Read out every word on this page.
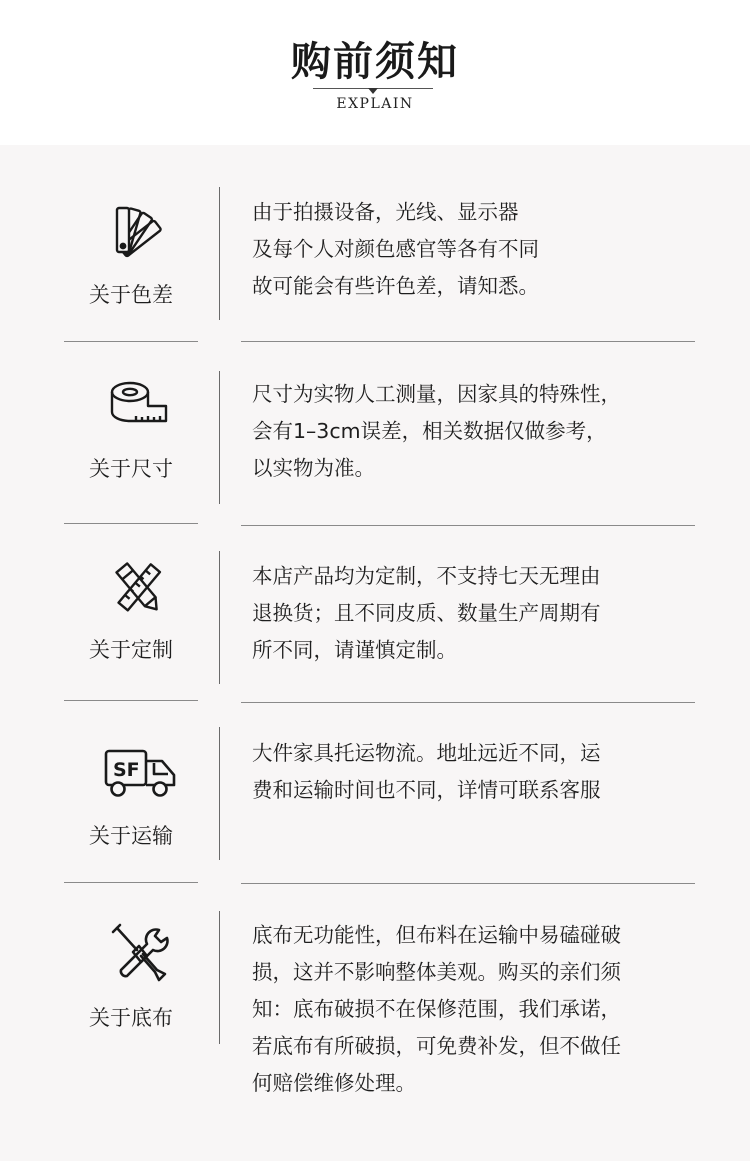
购前须知
EXPLAIN
关于色差
由于拍摄设备，光线、显示器
及每个人对颜色感官等各有不同
故可能会有些许色差，请知悉。
关于尺寸
尺寸为实物人工测量，因家具的特殊性，
会有1–3cm误差，相关数据仅做参考，
以实物为准。
关于定制
本店产品均为定制，不支持七天无理由
退换货；且不同皮质、数量生产周期有
所不同，请谨慎定制。
SF
关于运输
大件家具托运物流。地址远近不同，运
费和运输时间也不同，详情可联系客服
关于底布
底布无功能性，但布料在运输中易磕碰破
损，这并不影响整体美观。购买的亲们须
知：底布破损不在保修范围，我们承诺，
若底布有所破损，可免费补发，但不做任
何赔偿维修处理。
